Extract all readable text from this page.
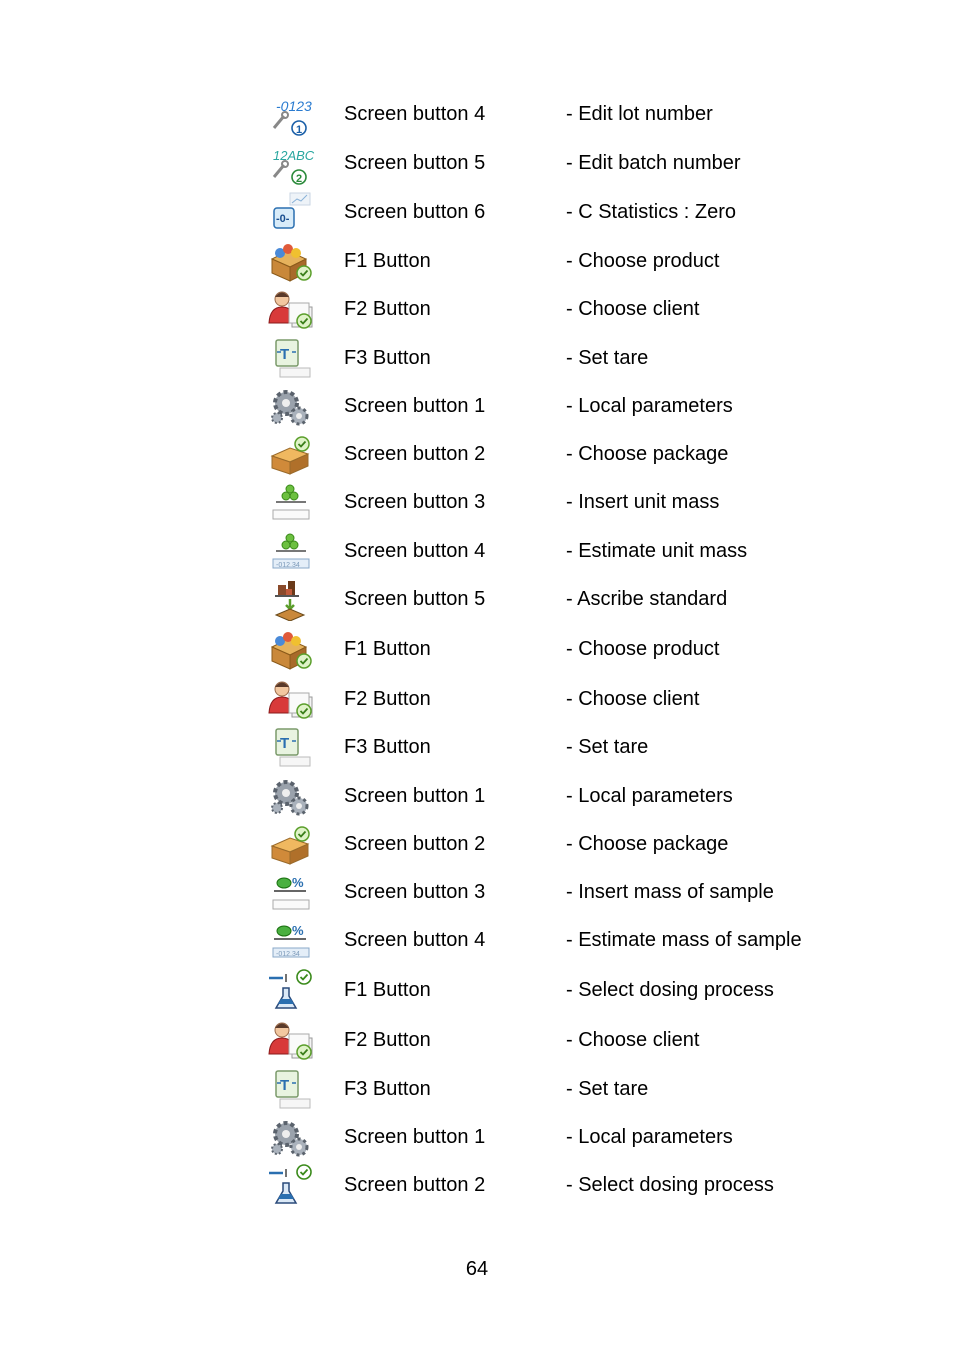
-0123
1
Screen button 4	- Edit lot number
12ABC
2
Screen button 5	- Edit batch number
-0-	Screen button 6	- C Statistics : Zero
F1 Button	- Choose product
F2 Button	- Choose client
T	F3 Button	- Set tare
Screen button 1	- Local parameters
Screen button 2	- Choose package
Screen button 3	- Insert unit mass
-012.34
Screen button 4	- Estimate unit mass
Screen button 5	- Ascribe standard
F1 Button	- Choose product
F2 Button	- Choose client
T	F3 Button	- Set tare
Screen button 1	- Local parameters
Screen button 2	- Choose package
% Screen button 3	- Insert mass of sample
%
-012.34
Screen button 4	- Estimate mass of sample
F1 Button	- Select dosing process
F2 Button	- Choose client
T	F3 Button	- Set tare
Screen button 1	- Local parameters
Screen button 2	- Select dosing process
64
